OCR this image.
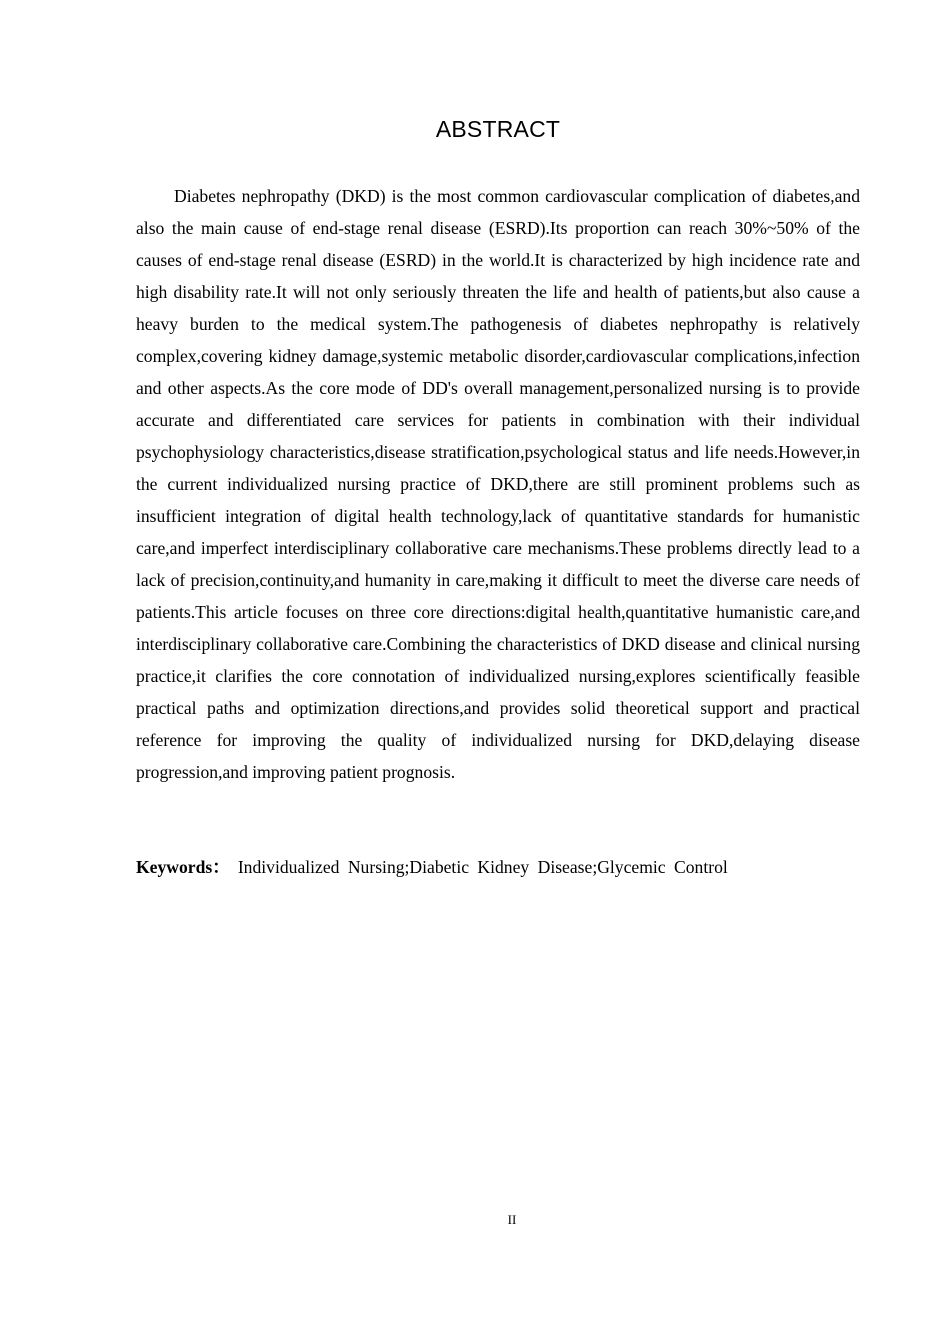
ABSTRACT

Diabetes nephropathy (DKD) is the most common cardiovascular complication of diabetes,and also the main cause of end-stage renal disease (ESRD).Its proportion can reach 30%~50% of the causes of end-stage renal disease (ESRD) in the world.It is characterized by high incidence rate and high disability rate.It will not only seriously threaten the life and health of patients,but also cause a heavy burden to the medical system.The pathogenesis of diabetes nephropathy is relatively complex,covering kidney damage,systemic metabolic disorder,cardiovascular complications,infection and other aspects.As the core mode of DD's overall management,personalized nursing is to provide accurate and differentiated care services for patients in combination with their individual psychophysiology characteristics,disease stratification,psychological status and life needs.However,in the current individualized nursing practice of DKD,there are still prominent problems such as insufficient integration of digital health technology,lack of quantitative standards for humanistic care,and imperfect interdisciplinary collaborative care mechanisms.These problems directly lead to a lack of precision,continuity,and humanity in care,making it difficult to meet the diverse care needs of patients.This article focuses on three core directions:digital health,quantitative humanistic care,and interdisciplinary collaborative care.Combining the characteristics of DKD disease and clinical nursing practice,it clarifies the core connotation of individualized nursing,explores scientifically feasible practical paths and optimization directions,and provides solid theoretical support and practical reference for improving the quality of individualized nursing for DKD,delaying disease progression,and improving patient prognosis.

Keywords： Individualized Nursing;Diabetic Kidney Disease;Glycemic Control
II
